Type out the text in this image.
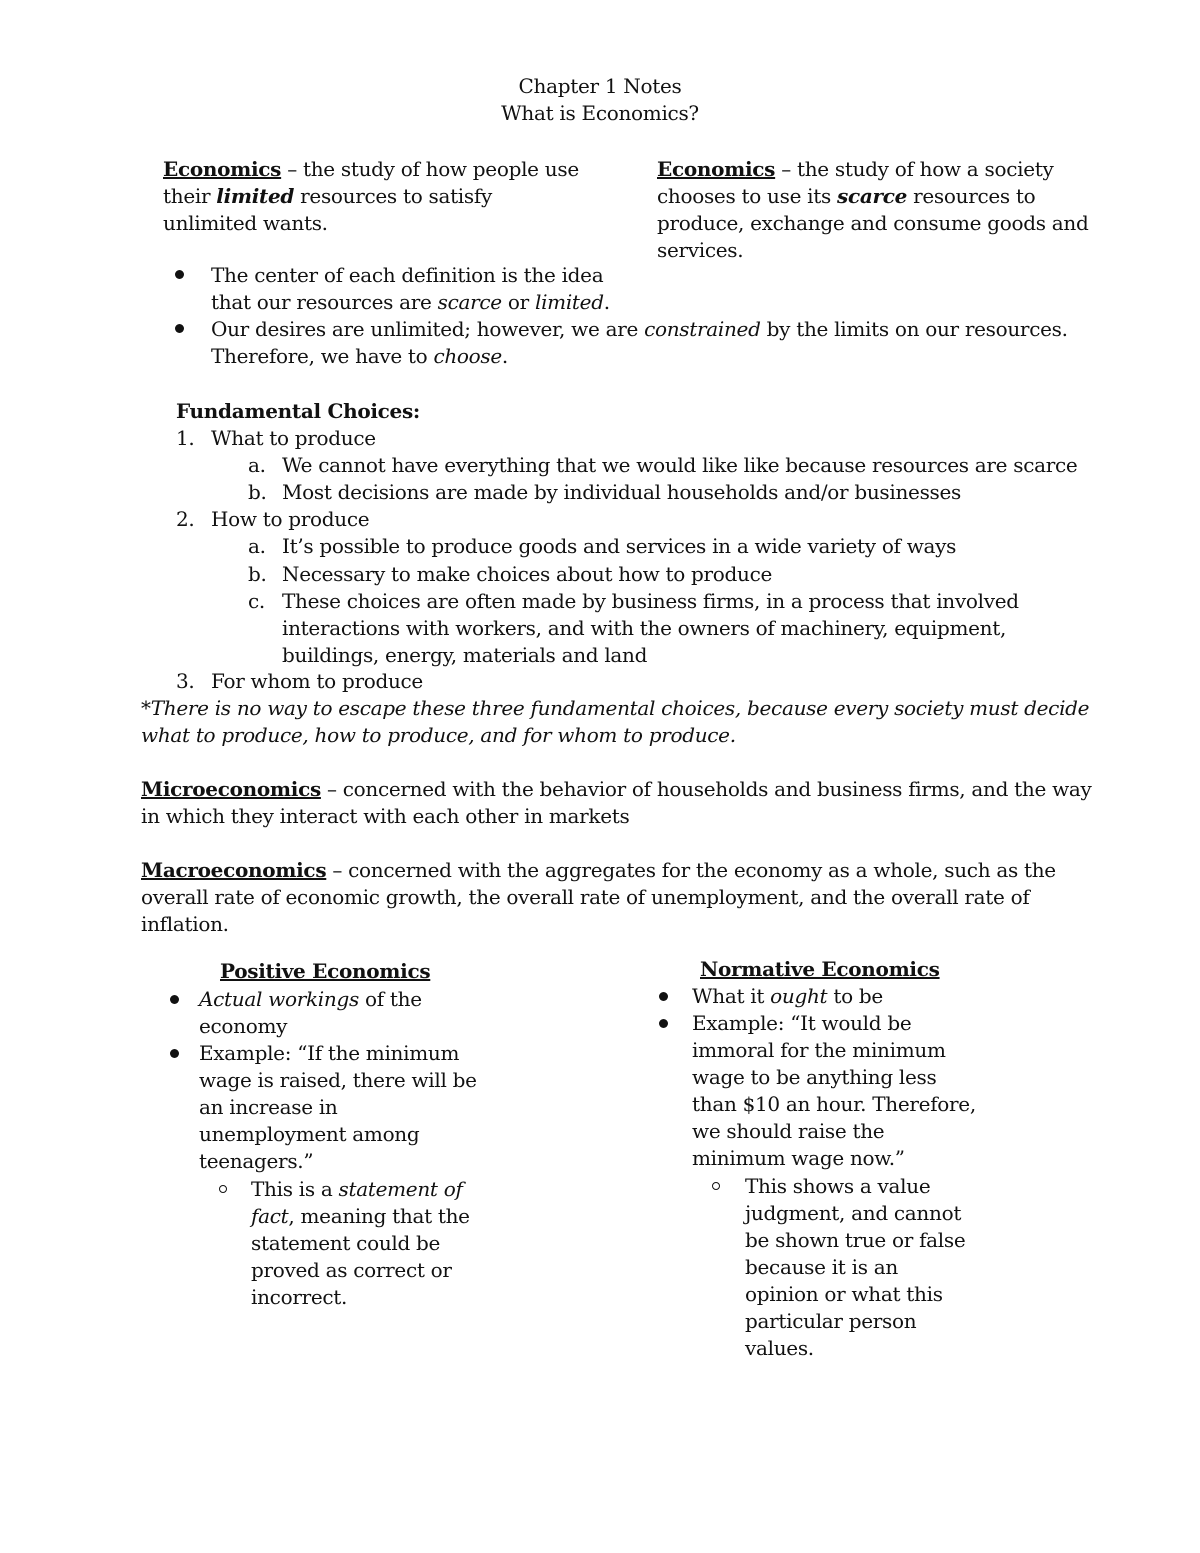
Chapter 1 Notes
What is Economics?
Economics – the study of how people use
their limited resources to satisfy
unlimited wants.
Economics – the study of how a society
chooses to use its scarce resources to
produce, exchange and consume goods and
services.
The center of each definition is the idea
that our resources are scarce or limited.
Our desires are unlimited; however, we are constrained by the limits on our resources.
Therefore, we have to choose.
Fundamental Choices:
1. What to produce
a. We cannot have everything that we would like like because resources are scarce
b. Most decisions are made by individual households and/or businesses
2. How to produce
a. It’s possible to produce goods and services in a wide variety of ways
b. Necessary to make choices about how to produce
c. These choices are often made by business firms, in a process that involved
interactions with workers, and with the owners of machinery, equipment,
buildings, energy, materials and land
3. For whom to produce
*There is no way to escape these three fundamental choices, because every society must decide
what to produce, how to produce, and for whom to produce.
Microeconomics – concerned with the behavior of households and business firms, and the way
in which they interact with each other in markets
Macroeconomics – concerned with the aggregates for the economy as a whole, such as the
overall rate of economic growth, the overall rate of unemployment, and the overall rate of
inflation.
Positive Economics
Actual workings of the
economy
Example: “If the minimum
wage is raised, there will be
an increase in
unemployment among
teenagers.”
This is a statement of
fact, meaning that the
statement could be
proved as correct or
incorrect.
Normative Economics
What it ought to be
Example: “It would be
immoral for the minimum
wage to be anything less
than $10 an hour. Therefore,
we should raise the
minimum wage now.”
This shows a value
judgment, and cannot
be shown true or false
because it is an
opinion or what this
particular person
values.
